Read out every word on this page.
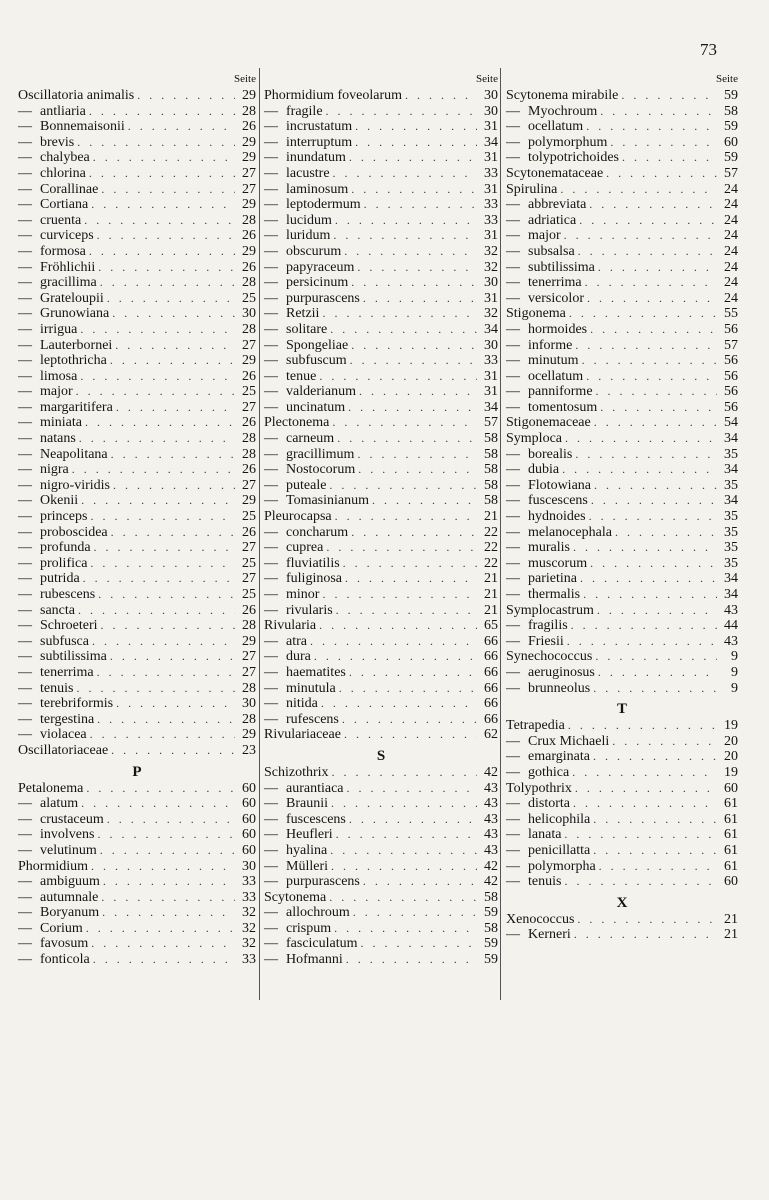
73
Seite
Oscillatoria animalis . . .	29
— antliaria . . .	28
— Bonnemaisonii . . .	26
— brevis . . .	29
— chalybea . . .	29
— chlorina . . .	27
— Corallinae . . .	27
— Cortiana . . .	29
— cruenta . . .	28
— curviceps . . .	26
— formosa . . .	29
— Fröhlichii . . .	26
— gracillima . . .	28
— Grateloupii . . .	25
— Grunowiana . . .	30
— irrigua . . .	28
— Lauterbornei . . .	27
— leptothricha . . .	29
— limosa . . .	26
— major . . .	25
— margaritifera . . .	27
— miniata . . .	26
— natans . . .	28
— Neapolitana . . .	28
— nigra . . .	26
— nigro-viridis . . .	27
— Okenii . . .	29
— princeps . . .	25
— proboscidea . . .	26
— profunda . . .	27
— prolifica . . .	25
— putrida . . .	27
— rubescens . . .	25
— sancta . . .	26
— Schroeteri . . .	28
— subfusca . . .	29
— subtilissima . . .	27
— tenerrima . . .	27
— tenuis . . .	28
— terebriformis . . .	30
— tergestina . . .	28
— violacea . . .	29
Oscillatoriaceae . . .	23
P
Petalonema . . .	60
— alatum . . .	60
— crustaceum . . .	60
— involvens . . .	60
— velutinum . . .	60
Phormidium . . .	30
— ambiguum . . .	33
— autumnale . . .	33
— Boryanum . . .	32
— Corium . . .	32
— favosum . . .	32
— fonticola . . .	33
Seite
Phormidium foveolarum . . .	30
— fragile . . .	30
— incrustatum . . .	31
— interruptum . . .	34
— inundatum . . .	31
— lacustre . . .	33
— laminosum . . .	31
— leptodermum . . .	33
— lucidum . . .	33
— luridum . . .	31
— obscurum . . .	32
— papyraceum . . .	32
— persicinum . . .	30
— purpurascens . . .	31
— Retzii . . .	32
— solitare . . .	34
— Spongeliae . . .	30
— subfuscum . . .	33
— tenue . . .	31
— valderianum . . .	31
— uncinatum . . .	34
Plectonema . . .	57
— carneum . . .	58
— gracillimum . . .	58
— Nostocorum . . .	58
— puteale . . .	58
— Tomasinianum . . .	58
Pleurocapsa . . .	21
— concharum . . .	22
— cuprea . . .	22
— fluviatilis . . .	22
— fuliginosa . . .	21
— minor . . .	21
— rivularis . . .	21
Rivularia . . .	65
— atra . . .	66
— dura . . .	66
— haematites . . .	66
— minutula . . .	66
— nitida . . .	66
— rufescens . . .	66
Rivulariaceae . . .	62
S
Schizothrix . . .	42
— aurantiaca . . .	43
— Braunii . . .	43
— fuscescens . . .	43
— Heufleri . . .	43
— hyalina . . .	43
— Mülleri . . .	42
— purpurascens . . .	42
Scytonema . . .	58
— allochroum . . .	59
— crispum . . .	58
— fasciculatum . . .	59
— Hofmanni . . .	59
Seite
Scytonema mirabile . . .	59
— Myochroum . . .	58
— ocellatum . . .	59
— polymorphum . . .	60
— tolypotrichoides . . .	59
Scytonemataceae . . .	57
Spirulina . . .	24
— abbreviata . . .	24
— adriatica . . .	24
— major . . .	24
— subsalsa . . .	24
— subtilissima . . .	24
— tenerrima . . .	24
— versicolor . . .	24
Stigonema . . .	55
— hormoides . . .	56
— informe . . .	57
— minutum . . .	56
— ocellatum . . .	56
— panniforme . . .	56
— tomentosum . . .	56
Stigonemaceae . . .	54
Symploca . . .	34
— borealis . . .	35
— dubia . . .	34
— Flotowiana . . .	35
— fuscescens . . .	34
— hydnoides . . .	35
— melanocephala . . .	35
— muralis . . .	35
— muscorum . . .	35
— parietina . . .	34
— thermalis . . .	34
Symplocastrum . . .	43
— fragilis . . .	44
— Friesii . . .	43
Synechococcus . . .	9
— aeruginosus . . .	9
— brunneolus . . .	9
T
Tetrapedia . . .	19
— Crux Michaeli . . .	20
— emarginata . . .	20
— gothica . . .	19
Tolypothrix . . .	60
— distorta . . .	61
— helicophila . . .	61
— lanata . . .	61
— penicillatta . . .	61
— polymorpha . . .	61
— tenuis . . .	60
X
Xenococcus . . .	21
— Kerneri . . .	21
